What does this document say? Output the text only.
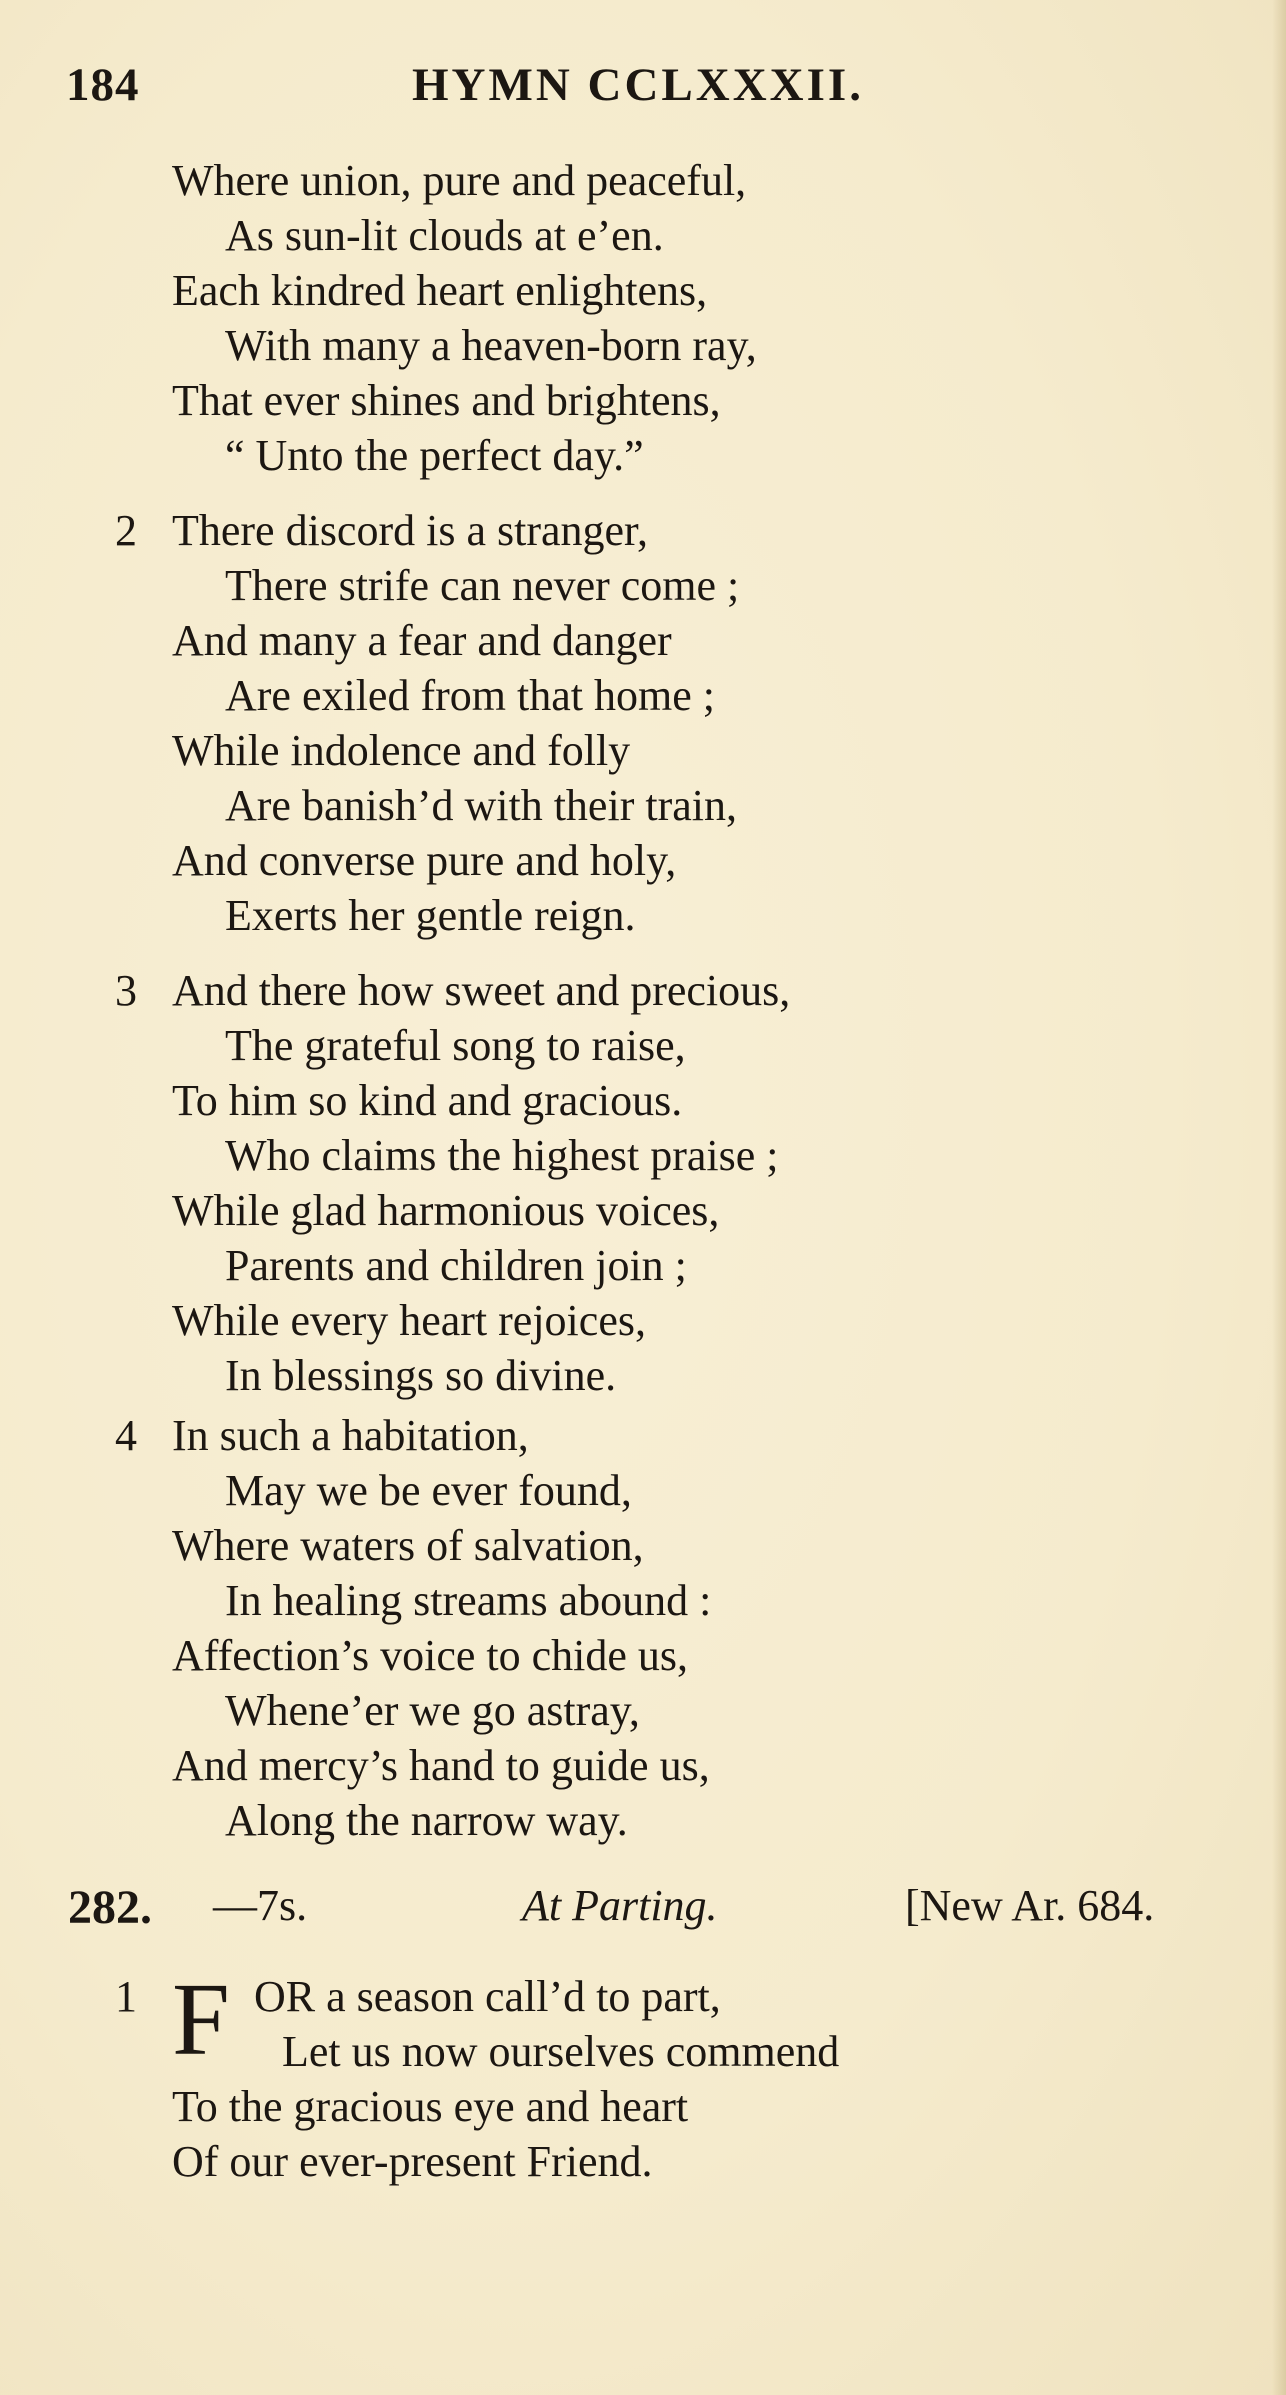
184	HYMN CCLXXXII.
Where union, pure and peaceful,
As sun-lit clouds at e’en.
Each kindred heart enlightens,
With many a heaven-born ray,
That ever shines and brightens,
“ Unto the perfect day.”
2 There discord is a stranger,
There strife can never come ;
And many a fear and danger
Are exiled from that home ;
While indolence and folly
Are banish’d with their train,
And converse pure and holy,
Exerts her gentle reign.
3 And there how sweet and precious,
The grateful song to raise,
To him so kind and gracious.
Who claims the highest praise ;
While glad harmonious voices,
Parents and children join ;
While every heart rejoices,
In blessings so divine.
4 In such a habitation,
May we be ever found,
Where waters of salvation,
In healing streams abound :
Affection’s voice to chide us,
Whene’er we go astray,
And mercy’s hand to guide us,
Along the narrow way.
282. —7s.	At Parting.	[New Ar. 684.
1 F OR a season call’d to part,
Let us now ourselves commend
To the gracious eye and heart
Of our ever-present Friend.
